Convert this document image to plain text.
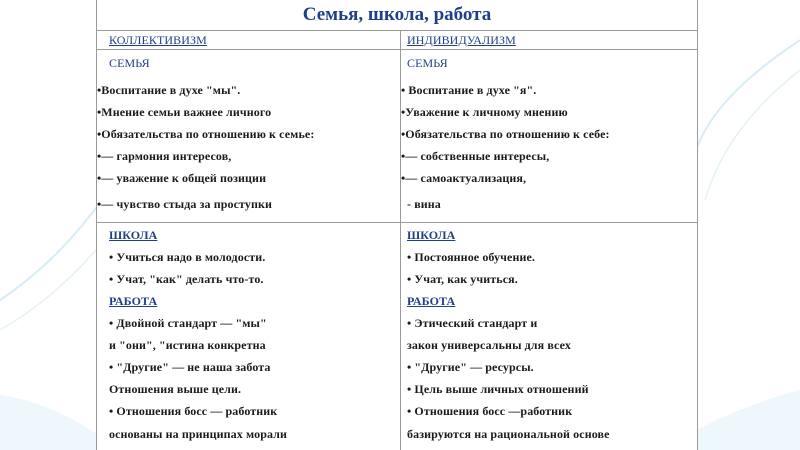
Семья, школа, работа
КОЛЛЕКТИВИЗМ
СЕМЬЯ
•Воспитание в духе "мы".
•Мнение семьи важнее личного
•Обязательства по отношению к семье:
•— гармония интересов,
•— уважение к общей позиции
•— чувство стыда за проступки
ШКОЛА
• Учиться надо в молодости.
• Учат, "как" делать что-то.
РАБОТА
• Двойной стандарт — "мы"
и "они", "истина конкретна
• "Другие" — не наша забота
Отношения выше цели.
• Отношения босс — работник
основаны на принципах морали
ИНДИВИДУАЛИЗМ
СЕМЬЯ
• Воспитание в духе "я".
•Уважение к личному мнению
•Обязательства по отношению к себе:
•— собственные интересы,
•— самоактуализация,
- вина
ШКОЛА
• Постоянное обучение.
• Учат, как учиться.
РАБОТА
• Этический стандарт и
закон универсальны для всех
• "Другие" — ресурсы.
• Цель выше личных отношений
• Отношения босс —работник
базируются на рациональной основе
